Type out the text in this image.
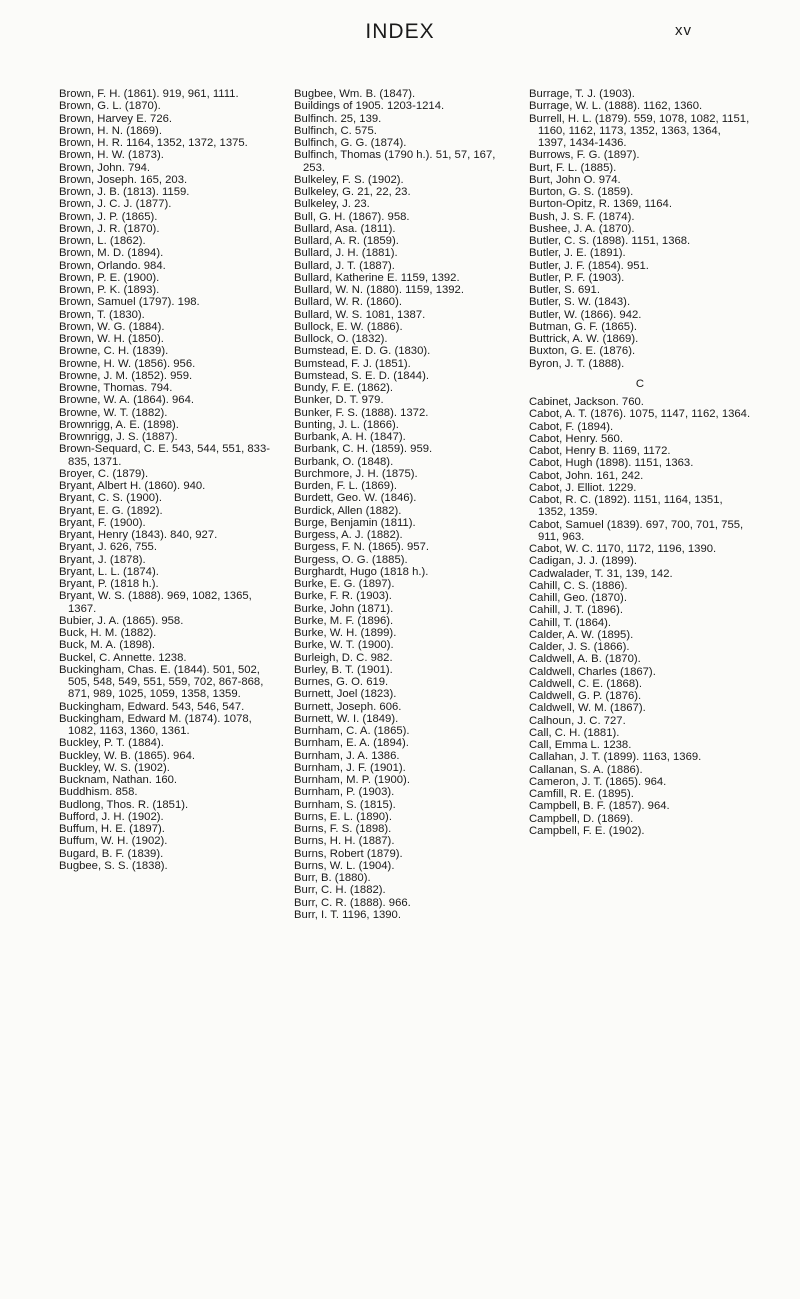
INDEX	xv

Brown, F. H. (1861). 919, 961, 1111.

Brown, G. L. (1870).

Brown, Harvey E. 726.

Brown, H. N. (1869).

Brown, H. R. 1164, 1352, 1372, 1375.

Brown, H. W. (1873).

Brown, John. 794.

Brown, Joseph. 165, 203.

Brown, J. B. (1813). 1159.

Brown, J. C. J. (1877).

Brown, J. P. (1865).

Brown, J. R. (1870).

Brown, L. (1862).

Brown, M. D. (1894).

Brown, Orlando. 984.

Brown, P. E. (1900).

Brown, P. K. (1893).

Brown, Samuel (1797). 198.

Brown, T. (1830).

Brown, W. G. (1884).

Brown, W. H. (1850).

Browne, C. H. (1839).

Browne, H. W. (1856). 956.

Browne, J. M. (1852). 959.

Browne, Thomas. 794.

Browne, W. A. (1864). 964.

Browne, W. T. (1882).

Brownrigg, A. E. (1898).

Brownrigg, J. S. (1887).

Brown-Sequard, C. E. 543, 544, 551, 833-835, 1371.

Broyer, C. (1879).

Bryant, Albert H. (1860). 940.

Bryant, C. S. (1900).

Bryant, E. G. (1892).

Bryant, F. (1900).

Bryant, Henry (1843). 840, 927.

Bryant, J. 626, 755.

Bryant, J. (1878).

Bryant, L. L. (1874).

Bryant, P. (1818 h.).

Bryant, W. S. (1888). 969, 1082, 1365, 1367.

Bubier, J. A. (1865). 958.

Buck, H. M. (1882).

Buck, M. A. (1898).

Buckel, C. Annette. 1238.

Buckingham, Chas. E. (1844). 501, 502, 505, 548, 549, 551, 559, 702, 867-868, 871, 989, 1025, 1059, 1358, 1359.

Buckingham, Edward. 543, 546, 547.

Buckingham, Edward M. (1874). 1078, 1082, 1163, 1360, 1361.

Buckley, P. T. (1884).

Buckley, W. B. (1865). 964.

Buckley, W. S. (1902).

Bucknam, Nathan. 160.

Buddhism. 858.

Budlong, Thos. R. (1851).

Bufford, J. H. (1902).

Buffum, H. E. (1897).

Buffum, W. H. (1902).

Bugard, B. F. (1839).

Bugbee, S. S. (1838).

Bugbee, Wm. B. (1847).

Buildings of 1905. 1203-1214.

Bulfinch. 25, 139.

Bulfinch, C. 575.

Bulfinch, G. G. (1874).

Bulfinch, Thomas (1790 h.). 51, 57, 167, 253.

Bulkeley, F. S. (1902).

Bulkeley, G. 21, 22, 23.

Bulkeley, J. 23.

Bull, G. H. (1867). 958.

Bullard, Asa. (1811).

Bullard, A. R. (1859).

Bullard, J. H. (1881).

Bullard, J. T. (1887).

Bullard, Katherine E. 1159, 1392.

Bullard, W. N. (1880). 1159, 1392.

Bullard, W. R. (1860).

Bullard, W. S. 1081, 1387.

Bullock, E. W. (1886).

Bullock, O. (1832).

Bumstead, E. D. G. (1830).

Bumstead, F. J. (1851).

Bumstead, S. E. D. (1844).

Bundy, F. E. (1862).

Bunker, D. T. 979.

Bunker, F. S. (1888). 1372.

Bunting, J. L. (1866).

Burbank, A. H. (1847).

Burbank, C. H. (1859). 959.

Burbank, O. (1848).

Burchmore, J. H. (1875).

Burden, F. L. (1869).

Burdett, Geo. W. (1846).

Burdick, Allen (1882).

Burge, Benjamin (1811).

Burgess, A. J. (1882).

Burgess, F. N. (1865). 957.

Burgess, O. G. (1885).

Burghardt, Hugo (1818 h.).

Burke, E. G. (1897).

Burke, F. R. (1903).

Burke, John (1871).

Burke, M. F. (1896).

Burke, W. H. (1899).

Burke, W. T. (1900).

Burleigh, D. C. 982.

Burley, B. T. (1901).

Burnes, G. O. 619.

Burnett, Joel (1823).

Burnett, Joseph. 606.

Burnett, W. I. (1849).

Burnham, C. A. (1865).

Burnham, E. A. (1894).

Burnham, J. A. 1386.

Burnham, J. F. (1901).

Burnham, M. P. (1900).

Burnham, P. (1903).

Burnham, S. (1815).

Burns, E. L. (1890).

Burns, F. S. (1898).

Burns, H. H. (1887).

Burns, Robert (1879).

Burns, W. L. (1904).

Burr, B. (1880).

Burr, C. H. (1882).

Burr, C. R. (1888). 966.

Burr, I. T. 1196, 1390.

Burrage, T. J. (1903).

Burrage, W. L. (1888). 1162, 1360.

Burrell, H. L. (1879). 559, 1078, 1082, 1151, 1160, 1162, 1173, 1352, 1363, 1364, 1397, 1434-1436.

Burrows, F. G. (1897).

Burt, F. L. (1885).

Burt, John O. 974.

Burton, G. S. (1859).

Burton-Opitz, R. 1369, 1164.

Bush, J. S. F. (1874).

Bushee, J. A. (1870).

Butler, C. S. (1898). 1151, 1368.

Butler, J. E. (1891).

Butler, J. F. (1854). 951.

Butler, P. F. (1903).

Butler, S. 691.

Butler, S. W. (1843).

Butler, W. (1866). 942.

Butman, G. F. (1865).

Buttrick, A. W. (1869).

Buxton, G. E. (1876).

Byron, J. T. (1888).

C

Cabinet, Jackson. 760.

Cabot, A. T. (1876). 1075, 1147, 1162, 1364.

Cabot, F. (1894).

Cabot, Henry. 560.

Cabot, Henry B. 1169, 1172.

Cabot, Hugh (1898). 1151, 1363.

Cabot, John. 161, 242.

Cabot, J. Elliot. 1229.

Cabot, R. C. (1892). 1151, 1164, 1351, 1352, 1359.

Cabot, Samuel (1839). 697, 700, 701, 755, 911, 963.

Cabot, W. C. 1170, 1172, 1196, 1390.

Cadigan, J. J. (1899).

Cadwalader, T. 31, 139, 142.

Cahill, C. S. (1886).

Cahill, Geo. (1870).

Cahill, J. T. (1896).

Cahill, T. (1864).

Calder, A. W. (1895).

Calder, J. S. (1866).

Caldwell, A. B. (1870).

Caldwell, Charles (1867).

Caldwell, C. E. (1868).

Caldwell, G. P. (1876).

Caldwell, W. M. (1867).

Calhoun, J. C. 727.

Call, C. H. (1881).

Call, Emma L. 1238.

Callahan, J. T. (1899). 1163, 1369.

Callanan, S. A. (1886).

Cameron, J. T. (1865). 964.

Camfill, R. E. (1895).

Campbell, B. F. (1857). 964.

Campbell, D. (1869).

Campbell, F. E. (1902).
